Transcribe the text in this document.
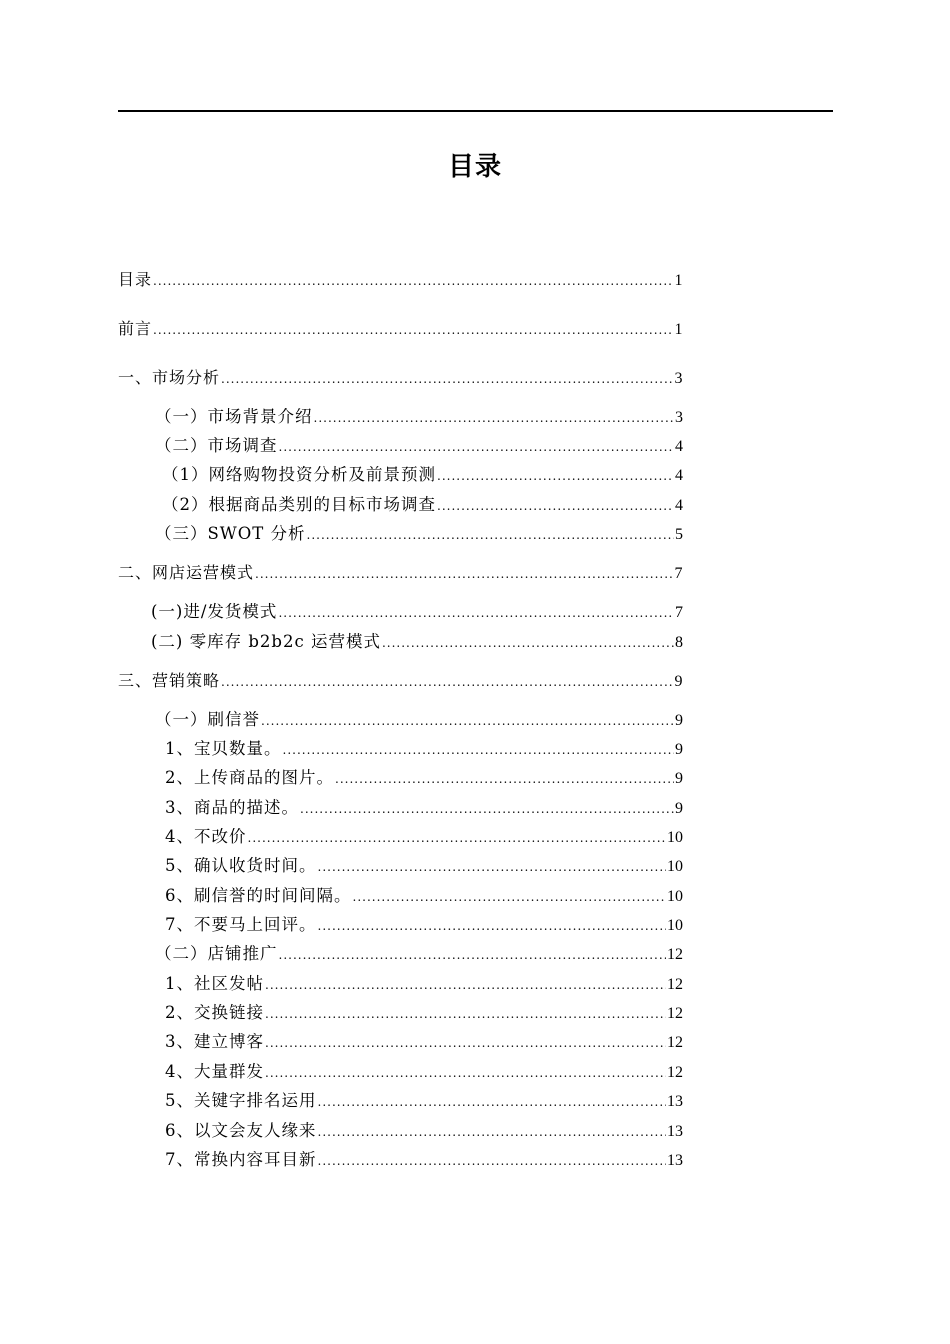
目录
目录 .....	1
前言 .....	1
一、市场分析 .....	3
（一）市场背景介绍 .....	3
（二）市场调查 .....	4
（1）网络购物投资分析及前景预测 .....	4
（2）根据商品类别的目标市场调查 .....	4
（三）SWOT 分析 .....	5
二、网店运营模式 .....	7
(一)进/发货模式 .....	7
(二) 零库存 b2b2c 运营模式 .....	8
三、营销策略 .....	9
（一）刷信誉 .....	9
1、宝贝数量。 .....	9
2、上传商品的图片。 .....	9
3、商品的描述。 .....	9
4、不改价 .....	10
5、确认收货时间。 .....	10
6、刷信誉的时间间隔。 .....	10
7、不要马上回评。 .....	10
（二）店铺推广 .....	12
1、社区发帖 .....	12
2、交换链接 .....	12
3、建立博客 .....	12
4、大量群发 .....	12
5、关键字排名运用 .....	13
6、以文会友人缘来 .....	13
7、常换内容耳目新 .....	13
